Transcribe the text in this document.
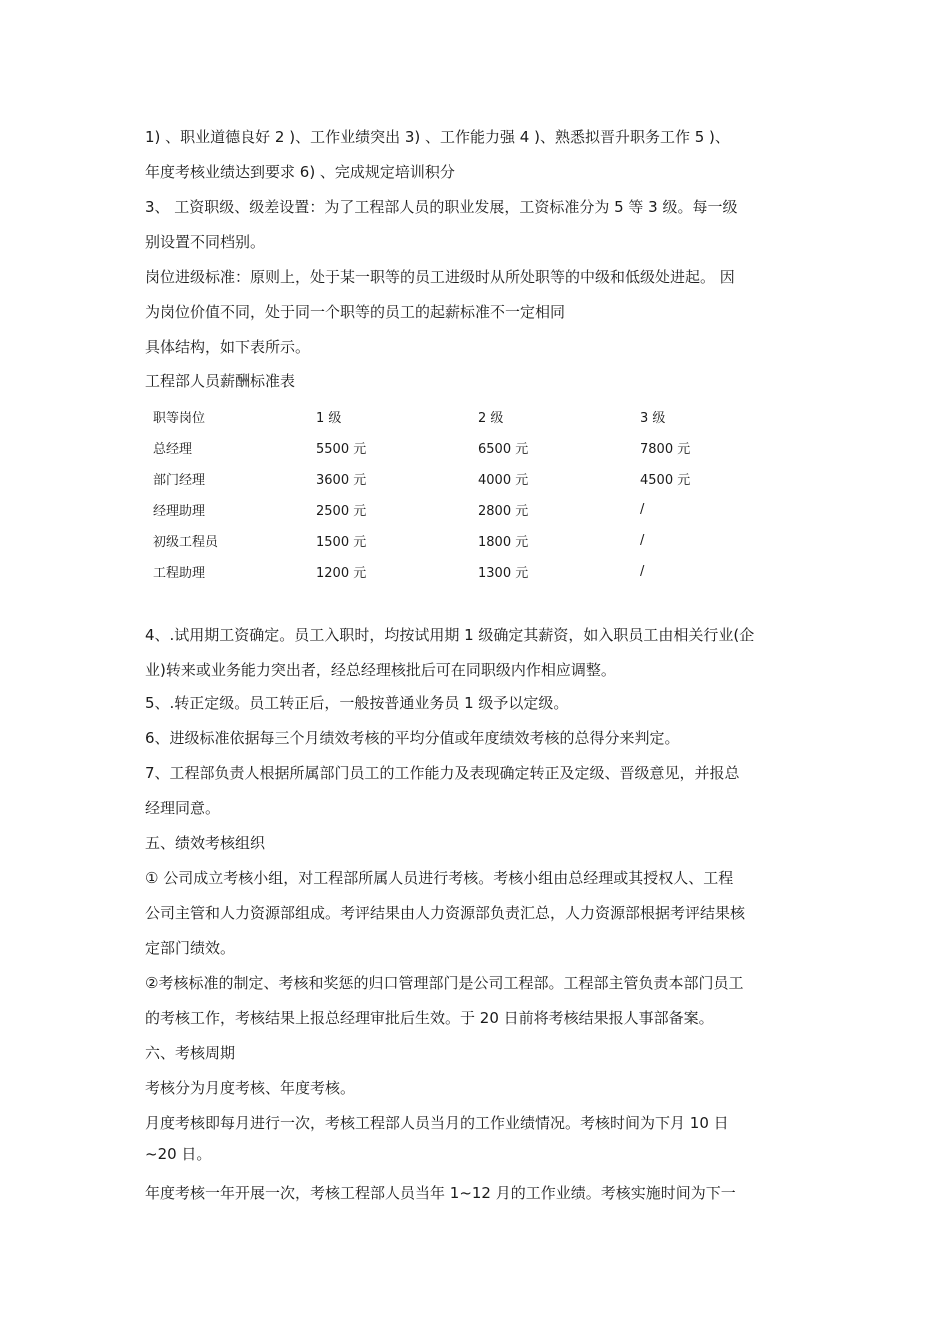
1) 、职业道德良好 2 )、工作业绩突出 3) 、工作能力强 4 )、熟悉拟晋升职务工作 5 )、
年度考核业绩达到要求 6) 、完成规定培训积分
3、 工资职级、级差设置：为了工程部人员的职业发展，工资标准分为 5 等 3 级。每一级
别设置不同档别。
岗位进级标准：原则上，处于某一职等的员工进级时从所处职等的中级和低级处进起。 因
为岗位价值不同，处于同一个职等的员工的起薪标准不一定相同
具体结构，如下表所示。
工程部人员薪酬标准表
职等岗位	1 级	2 级	3 级
总经理	5500 元	6500 元	7800 元
部门经理	3600 元	4000 元	4500 元
经理助理	2500 元	2800 元	/
初级工程员	1500 元	1800 元	/
工程助理	1200 元	1300 元	/
4、.试用期工资确定。员工入职时，均按试用期 1 级确定其薪资，如入职员工由相关行业(企
业)转来或业务能力突出者，经总经理核批后可在同职级内作相应调整。
5、.转正定级。员工转正后，一般按普通业务员 1 级予以定级。
6、进级标准依据每三个月绩效考核的平均分值或年度绩效考核的总得分来判定。
7、工程部负责人根据所属部门员工的工作能力及表现确定转正及定级、晋级意见，并报总
经理同意。
五、绩效考核组织
① 公司成立考核小组，对工程部所属人员进行考核。考核小组由总经理或其授权人、工程
公司主管和人力资源部组成。考评结果由人力资源部负责汇总，人力资源部根据考评结果核
定部门绩效。
②考核标准的制定、考核和奖惩的归口管理部门是公司工程部。工程部主管负责本部门员工
的考核工作，考核结果上报总经理审批后生效。于 20 日前将考核结果报人事部备案。
六、考核周期
考核分为月度考核、年度考核。
月度考核即每月进行一次，考核工程部人员当月的工作业绩情况。考核时间为下月 10 日
~20 日。
年度考核一年开展一次，考核工程部人员当年 1~12 月的工作业绩。考核实施时间为下一
